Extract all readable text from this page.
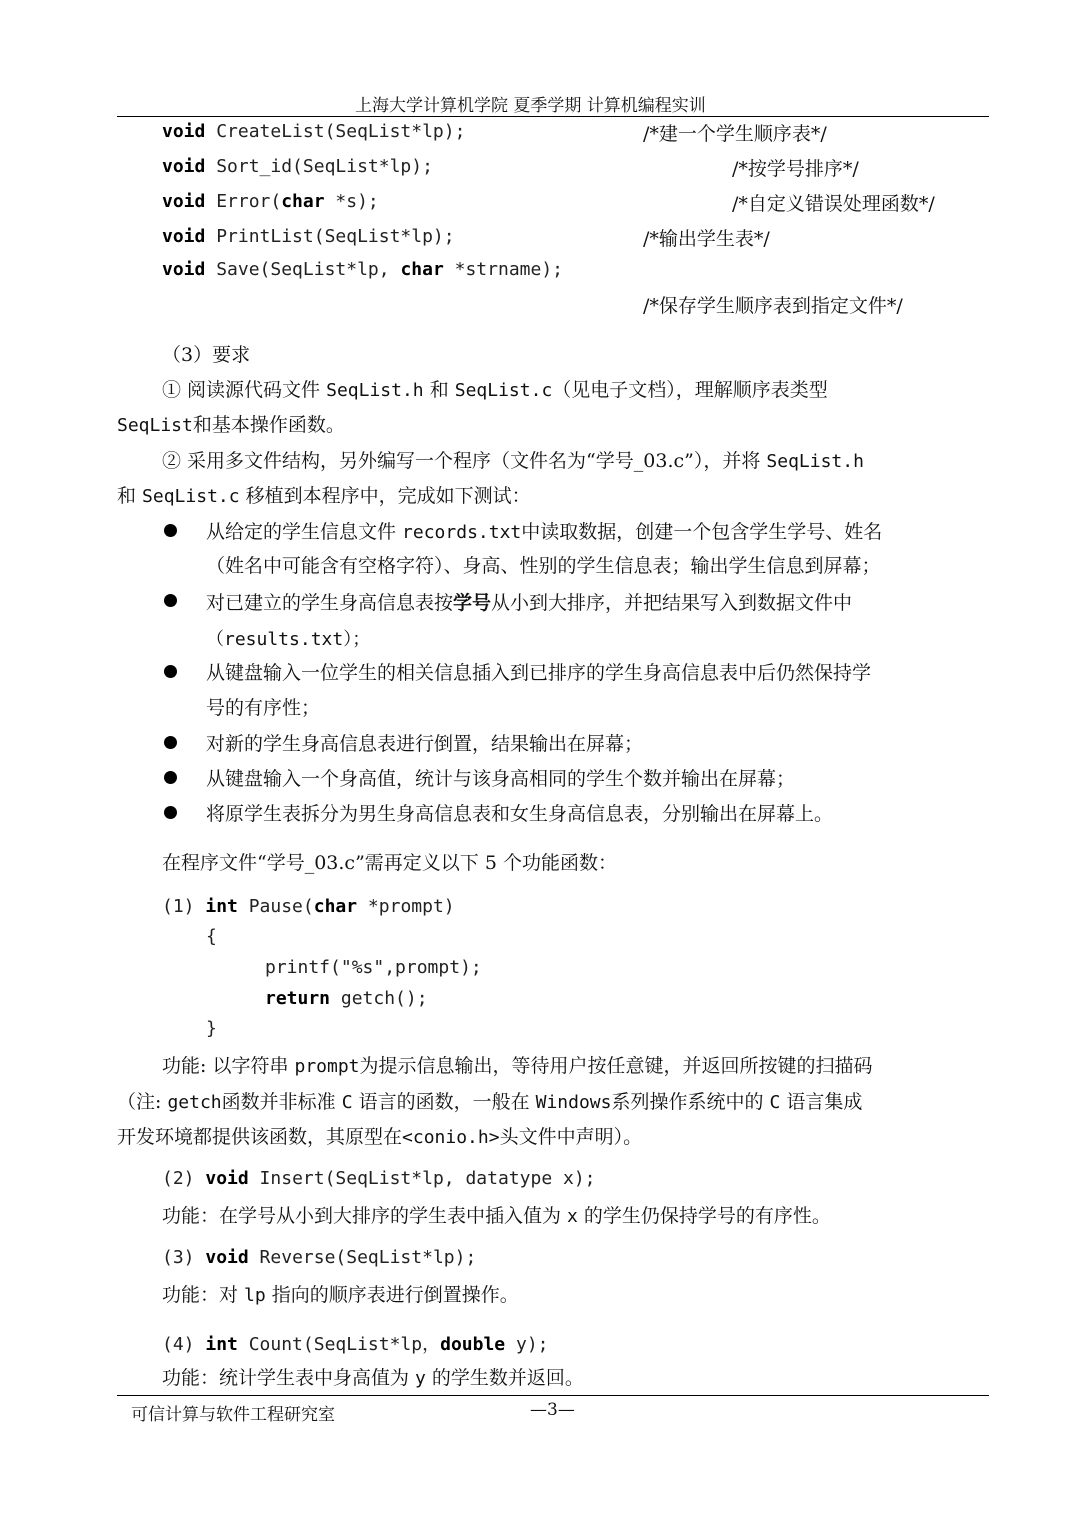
上海大学计算机学院 夏季学期 计算机编程实训
void CreateList(SeqList*lp);	/*建一个学生顺序表*/
void Sort_id(SeqList*lp);	/*按学号排序*/
void Error(char *s);	/*自定义错误处理函数*/
void PrintList(SeqList*lp);	/*输出学生表*/
void Save(SeqList*lp, char *strname);
/*保存学生顺序表到指定文件*/
（3）要求
① 阅读源代码文件 SeqList.h 和 SeqList.c（见电子文档），理解顺序表类型
SeqList和基本操作函数。
② 采用多文件结构，另外编写一个程序（文件名为“学号_03.c”），并将 SeqList.h
和 SeqList.c 移植到本程序中，完成如下测试：
从给定的学生信息文件 records.txt中读取数据，创建一个包含学生学号、姓名
（姓名中可能含有空格字符）、身高、性别的学生信息表；输出学生信息到屏幕；
对已建立的学生身高信息表按学号从小到大排序，并把结果写入到数据文件中
（results.txt）；
从键盘输入一位学生的相关信息插入到已排序的学生身高信息表中后仍然保持学
号的有序性；
对新的学生身高信息表进行倒置，结果输出在屏幕；
从键盘输入一个身高值，统计与该身高相同的学生个数并输出在屏幕；
将原学生表拆分为男生身高信息表和女生身高信息表，分别输出在屏幕上。
在程序文件“学号_03.c”需再定义以下 5 个功能函数：
(1) int Pause(char *prompt)
{
printf("%s",prompt);
return getch();
}
功能: 以字符串 prompt为提示信息输出，等待用户按任意键，并返回所按键的扫描码
（注: getch函数并非标准 C 语言的函数，一般在 Windows系列操作系统中的 C 语言集成
开发环境都提供该函数，其原型在<conio.h>头文件中声明）。
(2) void Insert(SeqList*lp, datatype x);
功能：在学号从小到大排序的学生表中插入值为 x 的学生仍保持学号的有序性。
(3) void Reverse(SeqList*lp);
功能：对 lp 指向的顺序表进行倒置操作。
(4) int Count(SeqList*lp，double y);
功能：统计学生表中身高值为 y 的学生数并返回。
可信计算与软件工程研究室	—3—
